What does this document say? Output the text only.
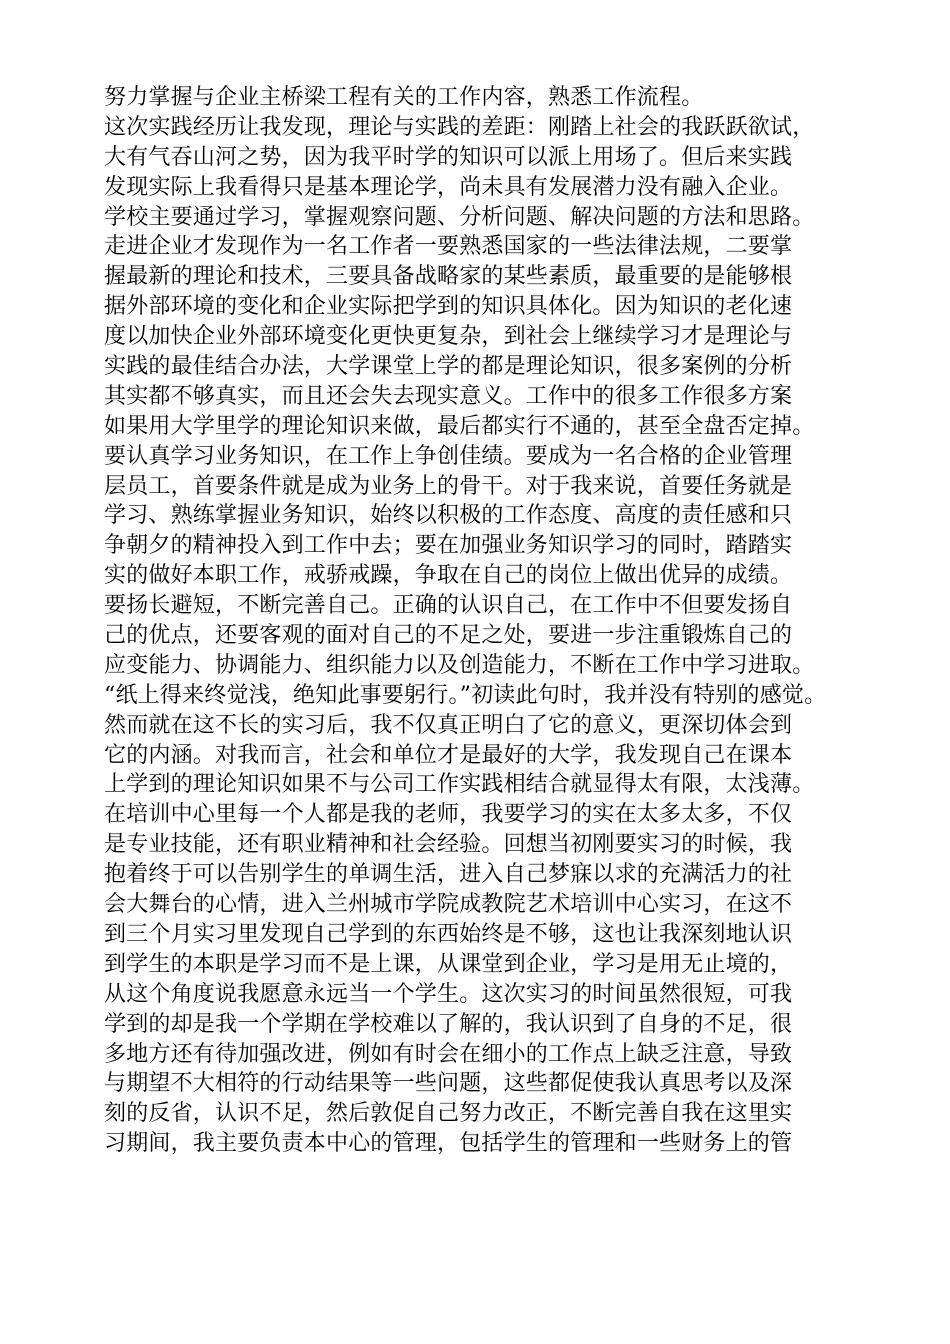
努力掌握与企业主桥梁工程有关的工作内容，熟悉工作流程。
这次实践经历让我发现，理论与实践的差距：刚踏上社会的我跃跃欲试，
大有气吞山河之势，因为我平时学的知识可以派上用场了。但后来实践
发现实际上我看得只是基本理论学，尚未具有发展潜力没有融入企业。
学校主要通过学习，掌握观察问题、分析问题、解决问题的方法和思路。
走进企业才发现作为一名工作者一要熟悉国家的一些法律法规，二要掌
握最新的理论和技术，三要具备战略家的某些素质，最重要的是能够根
据外部环境的变化和企业实际把学到的知识具体化。因为知识的老化速
度以加快企业外部环境变化更快更复杂，到社会上继续学习才是理论与
实践的最佳结合办法，大学课堂上学的都是理论知识，很多案例的分析
其实都不够真实，而且还会失去现实意义。工作中的很多工作很多方案
如果用大学里学的理论知识来做，最后都实行不通的，甚至全盘否定掉。
要认真学习业务知识，在工作上争创佳绩。要成为一名合格的企业管理
层员工，首要条件就是成为业务上的骨干。对于我来说，首要任务就是
学习、熟练掌握业务知识，始终以积极的工作态度、高度的责任感和只
争朝夕的精神投入到工作中去；要在加强业务知识学习的同时，踏踏实
实的做好本职工作，戒骄戒躁，争取在自己的岗位上做出优异的成绩。
要扬长避短，不断完善自己。正确的认识自己，在工作中不但要发扬自
己的优点，还要客观的面对自己的不足之处，要进一步注重锻炼自己的
应变能力、协调能力、组织能力以及创造能力，不断在工作中学习进取。
“纸上得来终觉浅，绝知此事要躬行。”初读此句时，我并没有特别的感觉。
然而就在这不长的实习后，我不仅真正明白了它的意义，更深切体会到
它的内涵。对我而言，社会和单位才是最好的大学，我发现自己在课本
上学到的理论知识如果不与公司工作实践相结合就显得太有限，太浅薄。
在培训中心里每一个人都是我的老师，我要学习的实在太多太多，不仅
是专业技能，还有职业精神和社会经验。回想当初刚要实习的时候，我
抱着终于可以告别学生的单调生活，进入自己梦寐以求的充满活力的社
会大舞台的心情，进入兰州城市学院成教院艺术培训中心实习，在这不
到三个月实习里发现自己学到的东西始终是不够，这也让我深刻地认识
到学生的本职是学习而不是上课，从课堂到企业，学习是用无止境的，
从这个角度说我愿意永远当一个学生。这次实习的时间虽然很短，可我
学到的却是我一个学期在学校难以了解的，我认识到了自身的不足，很
多地方还有待加强改进，例如有时会在细小的工作点上缺乏注意，导致
与期望不大相符的行动结果等一些问题，这些都促使我认真思考以及深
刻的反省，认识不足，然后敦促自己努力改正，不断完善自我在这里实
习期间，我主要负责本中心的管理，包括学生的管理和一些财务上的管
